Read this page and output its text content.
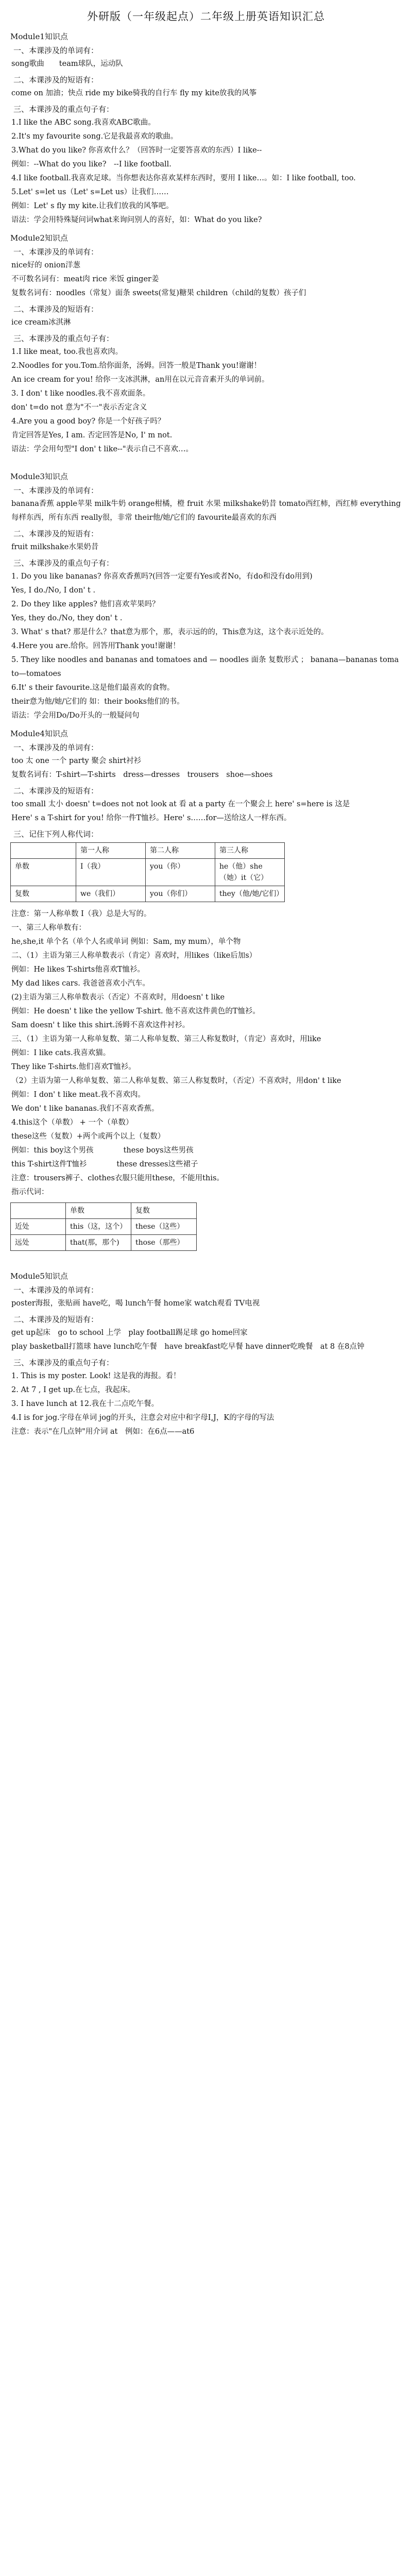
外研版（一年级起点）二年级上册英语知识汇总
Module1知识点
一、本课涉及的单词有：

song歌曲　　team球队，运动队

二、本课涉及的短语有：

come on 加油；快点 ride my bike骑我的自行车 fly my kite放我的风筝

三、本课涉及的重点句子有：

1.I like the ABC song.我喜欢ABC歌曲。

2.It's my favourite song.它是我最喜欢的歌曲。

3.What do you like? 你喜欢什么？（回答时一定要答喜欢的东西）I like--

例如：--What do you like?　--I like football.

4.I like football.我喜欢足球。当你想表达你喜欢某样东西时，要用 I like…。如：I like football, too.

5.Let' s=let us（Let' s=Let us）让我们……

例如：Let' s fly my kite.让我们放我的风筝吧。

语法：学会用特殊疑问词what来询问别人的喜好，如：What do you like?

Module2知识点
一、本课涉及的单词有：

nice好的 onion洋葱

不可数名词有：meat肉 rice 米饭 ginger姜

复数名词有：noodles（常复）面条 sweets(常复)糖果 children（child的复数）孩子们

二、本课涉及的短语有：

ice cream冰淇淋

三、本课涉及的重点句子有：

1.I like meat, too.我也喜欢肉。

2.Noodles for you.Tom.给你面条，汤姆。回答一般是Thank you!谢谢！

An ice cream for you! 给你一支冰淇淋，an用在以元音音素开头的单词前。

3. I don' t like noodles.我不喜欢面条。

don' t=do not 意为"不一"表示否定含义

4.Are you a good boy? 你是一个好孩子吗？

肯定回答是Yes, I am. 否定回答是No, I' m not.

语法：学会用句型"I don' t like--"表示自己不喜欢…。

Module3知识点
一、本课涉及的单词有：

banana香蕉 apple苹果 milk牛奶 orange柑橘，橙 fruit 水果 milkshake奶昔 tomato西红柿，西红柿 everything每样东西，所有东西 really很，非常 their他/她/它们的 favourite最喜欢的东西

二、本课涉及的短语有：

fruit milkshake水果奶昔

三、本课涉及的重点句子有：

1. Do you like bananas? 你喜欢香蕉吗?(回答一定要有Yes或者No，有do和没有do用到)

Yes, I do./No, I don' t .

2. Do they like apples? 他们喜欢苹果吗？

Yes, they do./No, they don' t .

3. What' s that? 那是什么？that意为那个，那，表示远的的，This意为这，这个表示近处的。

4.Here you are.给你。回答用Thank you!谢谢！

5. They like noodles and bananas and tomatoes and — noodles 面条 复数形式 ； banana—bananas tomato—tomatoes

6.It' s their favourite.这是他们最喜欢的食物。

their意为他/她/它们的 如：their books他们的书。

语法：学会用Do/Do开头的一般疑问句

Module4知识点
一、本课涉及的单词有：

too 太 one 一个 party 聚会 shirt衬衫

复数名词有：T-shirt—T-shirts　dress—dresses　trousers　shoe—shoes

二、本课涉及的短语有：

too small 太小 doesn' t=does not not look at 看 at a party 在一个聚会上 here' s=here is 这是

Here' s a T-shirt for you! 给你一件T恤衫。Here' s……for—送给这人一样东西。

三、记住下列人称代词：
	第一人称	第二人称	第三人称
单数	I（我）	you（你）	he（他）she（她）it（它）
复数	we（我们）	you（你们）	they（他/她/它们）

注意：第一人称单数 I（我）总是大写的。

一、第三人称单数有：

he,she,it 单个名（单个人名或单词 例如：Sam, my mum），单个物

二、（1）主语为第三人称单数表示（肯定）喜欢时，用likes（like后加s）

例如：He likes T-shirts他喜欢T恤衫。

My dad likes cars. 我爸爸喜欢小汽车。

(2)主语为第三人称单数表示（否定）不喜欢时，用doesn' t like

例如：He doesn' t like the yellow T-shirt. 他不喜欢这件黄色的T恤衫。

Sam doesn' t like this shirt.汤姆不喜欢这件衬衫。

三、（1）主语为第一人称单复数、第二人称单复数、第三人称复数时，（肯定）喜欢时，用like

例如：I like cats.我喜欢猫。

They like T-shirts.他们喜欢T恤衫。

（2）主语为第一人称单复数、第二人称单复数、第三人称复数时，（否定）不喜欢时，用don' t like

例如：I don' t like meat.我不喜欢肉。

We don' t like bananas.我们不喜欢香蕉。

4.this这个（单数） + 一个（单数）

these这些（复数）+两个或两个以上（复数）

例如：this boy这个男孩　　　　these boys这些男孩

this T-shirt这件T恤衫　　　　these dresses这些裙子

注意：trousers裤子、clothes衣服只能用these，不能用this。

指示代词：

	单数	复数
近处	this（这，这个）	these（这些）
远处	that(那，那个)	those（那些）
Module5知识点
一、本课涉及的单词有：

poster海报，张贴画 have吃，喝 lunch午餐 home家 watch观看 TV电视

二、本课涉及的短语有：

get up起床　go to school 上学　play football踢足球 go home回家

play basketball打篮球 have lunch吃午餐　have breakfast吃早餐 have dinner吃晚餐　at 8 在8点钟

三、本课涉及的重点句子有：

1. This is my poster. Look! 这是我的海报。看！

2. At 7 , I get up.在七点，我起床。

3. I have lunch at 12.我在十二点吃午餐。

4.I is for jog.字母在单词 jog的开头，注意会对应中和字母I,J，K的字母的写法

注意：表示"在几点钟"用介词 at　例如：在6点——at6
